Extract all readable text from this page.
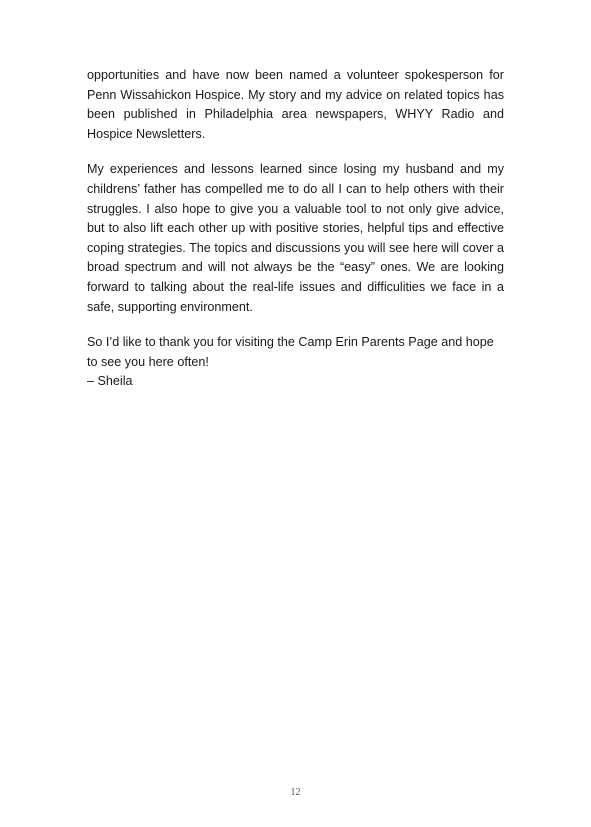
opportunities and have now been named a volunteer spokesperson for Penn Wissahickon Hospice. My story and my advice on related topics has been published in Philadelphia area newspapers, WHYY Radio and Hospice Newsletters.

My experiences and lessons learned since losing my husband and my childrens’ father has compelled me to do all I can to help others with their struggles. I also hope to give you a valuable tool to not only give advice, but to also lift each other up with positive stories, helpful tips and effective coping strategies. The topics and discussions you will see here will cover a broad spectrum and will not always be the “easy” ones. We are looking forward to talking about the real-life issues and difficulities we face in a safe, supporting environment.

So I’d like to thank you for visiting the Camp Erin Parents Page and hope to see you here often!

– Sheila

12
